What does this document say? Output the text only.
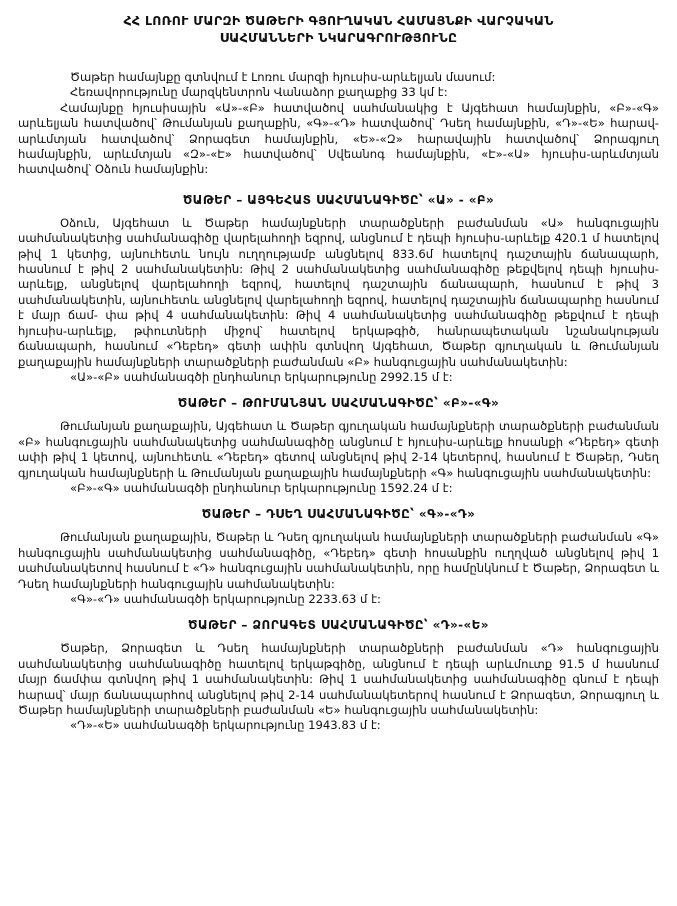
ՀՀ ԼՈՌՈՒ ՄԱՐԶԻ ԾԱԹԵՐԻ ԳՅՈՒՂԱԿԱՆ ՀԱՄԱՅՆՔԻ ՎԱՐՉԱԿԱՆ
ՍԱՀՄԱՆՆԵՐԻ ՆԿԱՐԱԳՐՈՒԹՅՈՒՆԸ

Ծաթեր համայնքը գտնվում է Լոռու մարզի հյուսիս-արևելյան մասում:

Հեռավորությունը մարզկենտրոն Վանաձոր քաղաքից 33 կմ է:

Համայնքը հյուսիսային «Ա»-«Բ» հատվածով սահմանակից է Այգեհատ համայնքին, «Բ»-«Գ» արևելյան հատվածով՝ Թումանյան քաղաքին, «Գ»-«Դ» հատվածով՝ Դսեղ համայնքին, «Դ»-«Ե» հարավ-արևմտյան հատվածով՝ Ձորագետ համայնքին, «Ե»-«Զ» հարավային հատվածով՝ Ձորագյուղ համայնքին, արևմտյան «Զ»-«Է» հատվածով՝ Սվեանոգ համայնքին, «Է»-«Ա» հյուսիս-արևմտյան հատվածով՝ Օձուն համայնքին:

ԾԱԹԵՐ – ԱՅԳԵՀԱՏ ՍԱՀՄԱՆԱԳԻԾԸ՝ «Ա» - «Բ»

Օձուն, Այգեհատ և Ծաթեր համայնքների տարածքների բաժանման «Ա» հանգուցային սահմանակետից սահմանագիծը վարելահողի եզրով, անցնում է դեպի հյուսիս-արևելք 420.1 մ հատելով թիվ 1 կետից, այնուհետև նույն ուղղությամբ անցնելով 833.6մ հատելով դաշտային ճանապարհ, հասնում է թիվ 2 սահմանակետին: Թիվ 2 սահմանակետից սահմանագիծը թեքվելով դեպի հյուսիս-արևելք, անցնելով վարելահողի եզրով, հատելով դաշտային ճանապարհ, հասնում է թիվ 3 սահմանակետին, այնուհետև անցնելով վարելահողի եզրով, հատելով դաշտային ճանապարհը հասնում է մայր ճամ- փա թիվ 4 սահմանակետին: Թիվ 4 սահմանակետից սահմանագիծը թեքվում է դեպի հյուսիս-արևելք, թփուտների միջով՝ հատելով երկաթգիծ, հանրապետական նշանակության ճանապարհ, հասնում «Դեբեդ» գետի ափին գտնվող Այգեհատ, Ծաթեր գյուղական և Թումանյան քաղաքային համայնքների տարածքների բաժանման «Բ» հանգուցային սահմանակետին:

«Ա»-«Բ» սահմանագծի ընդհանուր երկարությունը 2992.15 մ է:

ԾԱԹԵՐ – ԹՈՒՄԱՆՅԱՆ ՍԱՀՄԱՆԱԳԻԾԸ՝ «Բ»-«Գ»

Թումանյան քաղաքային, Այգեհատ և Ծաթեր գյուղական համայնքների տարածքների բաժանման «Բ» հանգուցային սահմանակետից սահմանագիծը անցնում է հյուսիս-արևելք հոսանքի «Դեբեդ» գետի ափի թիվ 1 կետով, այնուհետև «Դեբեդ» գետով անցնելով թիվ 2-14 կետերով, հասնում է Ծաթեր, Դսեղ գյուղական համայնքների և Թումանյան քաղաքային համայնքների «Գ» հանգուցային սահմանակետին:

«Բ»-«Գ» սահմանագծի ընդհանուր երկարությունը 1592.24 մ է:

ԾԱԹԵՐ – ԴՍԵՂ ՍԱՀՄԱՆԱԳԻԾԸ՝ «Գ»-«Դ»

Թումանյան քաղաքային, Ծաթեր և Դսեղ գյուղական համայնքների տարածքների բաժանման «Գ» հանգուցային սահմանակետից սահմանագիծը, «Դեբեդ» գետի հոսանքին ուղղված անցնելով թիվ 1 սահմանակետով հասնում է «Դ» հանգուցային սահմանակետին, որը համընկնում է Ծաթեր, Ձորագետ և Դսեղ համայնքների հանգուցային սահմանակետին:

«Գ»-«Դ» սահմանագծի երկարությունը 2233.63 մ է:

ԾԱԹԵՐ – ՁՈՐԱԳԵՏ ՍԱՀՄԱՆԱԳԻԾԸ՝ «Դ»-«Ե»

Ծաթեր, Ձորագետ և Դսեղ համայնքների տարածքների բաժանման «Դ» հանգուցային սահմանակետից սահմանագիծը հատելով երկաթգիծը, անցնում է դեպի արևմուտք 91.5 մ հասնում մայր ճամփա գտնվող թիվ 1 սահմանակետին: Թիվ 1 սահմանակետից սահմանագիծը գնում է դեպի հարավ՝ մայր ճանապարհով անցնելով թիվ 2-14 սահմանակետերով հասնում է Ձորագետ, Ձորագյուղ և Ծաթեր համայնքների տարածքների բաժանման «Ե» հանգուցային սահմանակետին:

«Դ»-«Ե» սահմանագծի երկարությունը 1943.83 մ է:
